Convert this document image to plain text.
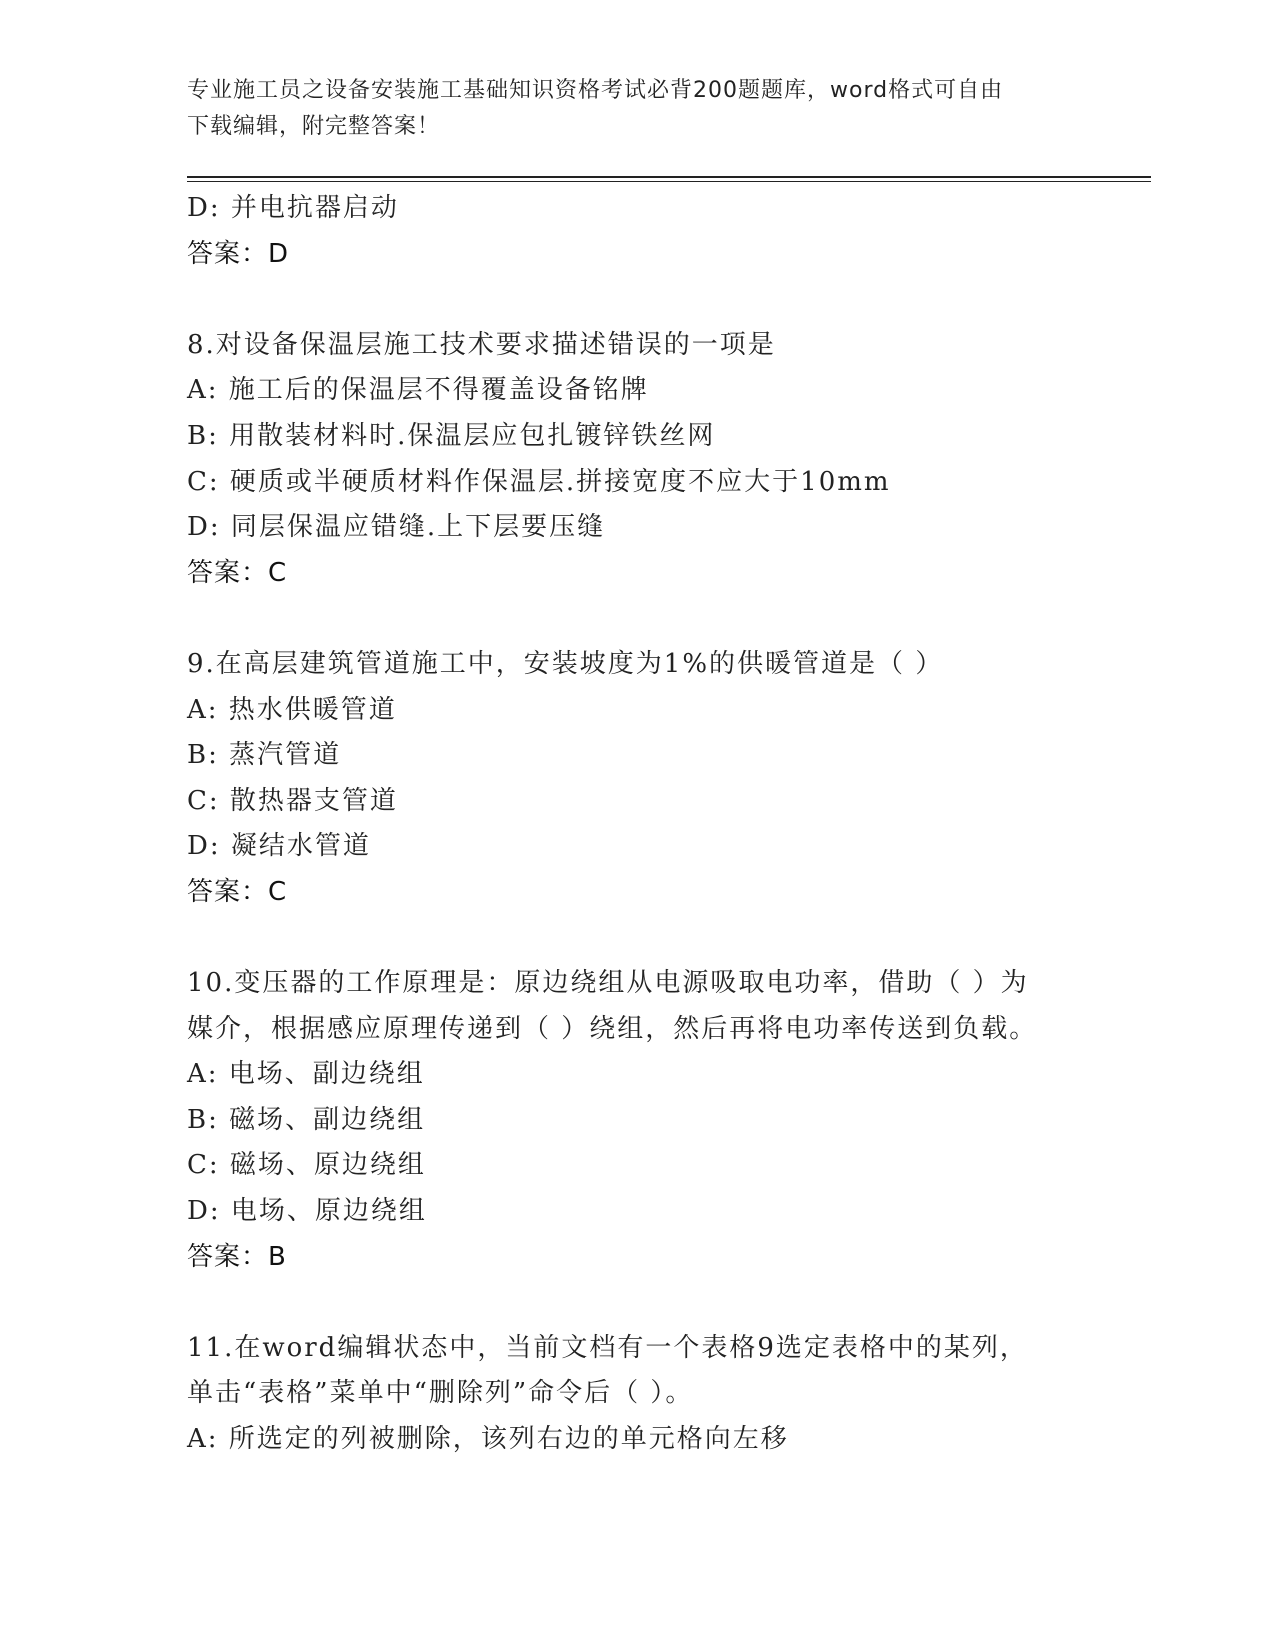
专业施工员之设备安装施工基础知识资格考试必背200题题库，word格式可自由
下载编辑，附完整答案！
D: 并电抗器启动
答案：D
8.对设备保温层施工技术要求描述错误的一项是
A: 施工后的保温层不得覆盖设备铭牌
B: 用散装材料时.保温层应包扎镀锌铁丝网
C: 硬质或半硬质材料作保温层.拼接宽度不应大于10mm
D: 同层保温应错缝.上下层要压缝
答案：C
9.在高层建筑管道施工中，安装坡度为1%的供暖管道是（ ）
A: 热水供暖管道
B: 蒸汽管道
C: 散热器支管道
D: 凝结水管道
答案：C
10.变压器的工作原理是：原边绕组从电源吸取电功率，借助（ ）为
媒介，根据感应原理传递到（ ）绕组，然后再将电功率传送到负载。
A: 电场、副边绕组
B: 磁场、副边绕组
C: 磁场、原边绕组
D: 电场、原边绕组
答案：B
11.在word编辑状态中，当前文档有一个表格9选定表格中的某列，
单击“表格”菜单中“删除列”命令后（ ）。
A: 所选定的列被删除，该列右边的单元格向左移
